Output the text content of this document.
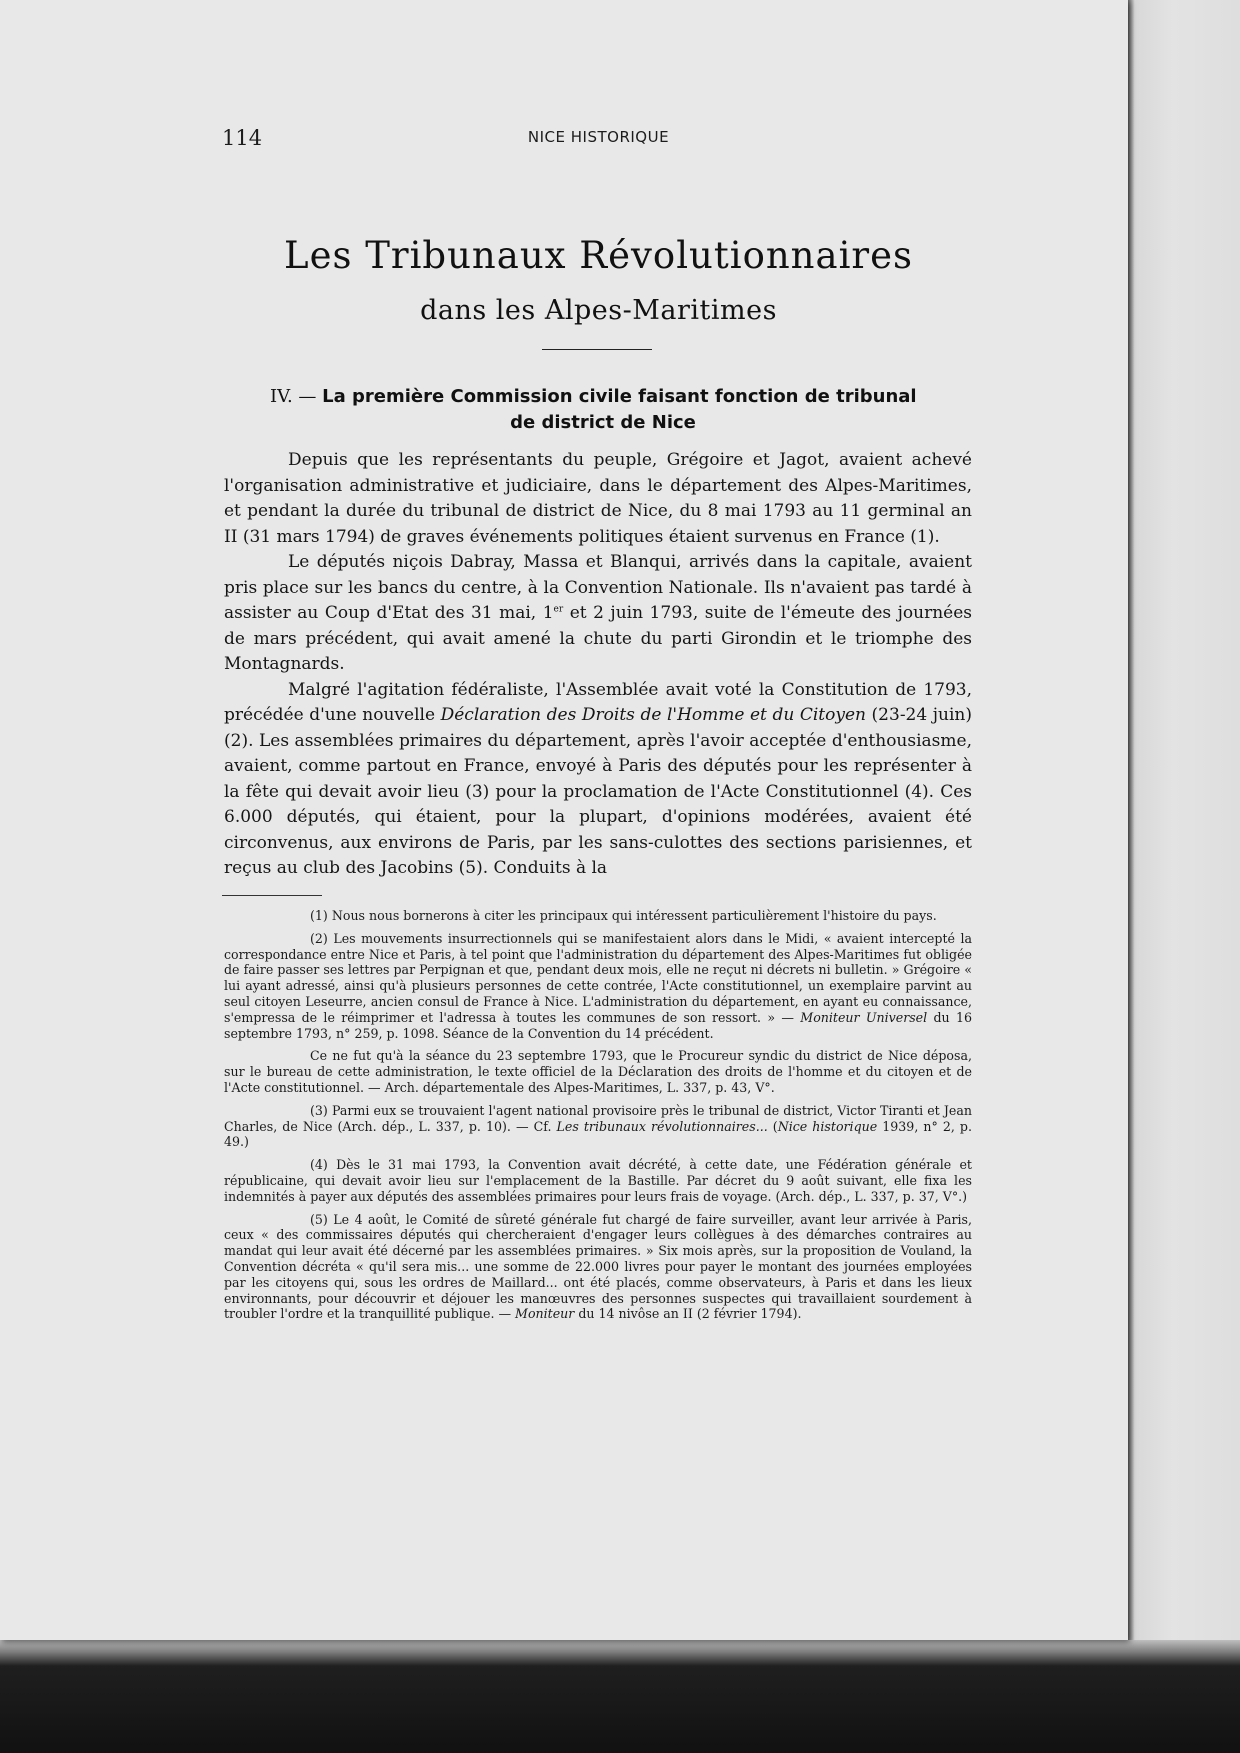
114	NICE HISTORIQUE
Les Tribunaux Révolutionnaires
dans les Alpes-Maritimes
IV. — La première Commission civile faisant fonction de tribunal
de district de Nice

Depuis que les représentants du peuple, Grégoire et Jagot, avaient achevé l'organisation administrative et judiciaire, dans le département des Alpes-Maritimes, et pendant la durée du tribunal de district de Nice, du 8 mai 1793 au 11 germinal an II (31 mars 1794) de graves événements politiques étaient survenus en France (1).

Le députés niçois Dabray, Massa et Blanqui, arrivés dans la capitale, avaient pris place sur les bancs du centre, à la Convention Nationale. Ils n'avaient pas tardé à assister au Coup d'Etat des 31 mai, 1er et 2 juin 1793, suite de l'émeute des journées de mars précédent, qui avait amené la chute du parti Girondin et le triomphe des Montagnards.

Malgré l'agitation fédéraliste, l'Assemblée avait voté la Constitution de 1793, précédée d'une nouvelle Déclaration des Droits de l'Homme et du Citoyen (23-24 juin) (2). Les assemblées primaires du département, après l'avoir acceptée d'enthousiasme, avaient, comme partout en France, envoyé à Paris des députés pour les représenter à la fête qui devait avoir lieu (3) pour la proclamation de l'Acte Constitutionnel (4). Ces 6.000 députés, qui étaient, pour la plupart, d'opinions modérées, avaient été circonvenus, aux environs de Paris, par les sans-culottes des sections parisiennes, et reçus au club des Jacobins (5). Conduits à la

(1) Nous nous bornerons à citer les principaux qui intéressent particulièrement l'histoire du pays.

(2) Les mouvements insurrectionnels qui se manifestaient alors dans le Midi, « avaient intercepté la correspondance entre Nice et Paris, à tel point que l'administration du département des Alpes-Maritimes fut obligée de faire passer ses lettres par Perpignan et que, pendant deux mois, elle ne reçut ni décrets ni bulletin. » Grégoire « lui ayant adressé, ainsi qu'à plusieurs personnes de cette contrée, l'Acte constitutionnel, un exemplaire parvint au seul citoyen Leseurre, ancien consul de France à Nice. L'administration du département, en ayant eu connaissance, s'empressa de le réimprimer et l'adressa à toutes les communes de son ressort. » — Moniteur Universel du 16 septembre 1793, n° 259, p. 1098. Séance de la Convention du 14 précédent.

Ce ne fut qu'à la séance du 23 septembre 1793, que le Procureur syndic du district de Nice déposa, sur le bureau de cette administration, le texte officiel de la Déclaration des droits de l'homme et du citoyen et de l'Acte constitutionnel. — Arch. départementale des Alpes-Maritimes, L. 337, p. 43, V°.

(3) Parmi eux se trouvaient l'agent national provisoire près le tribunal de district, Victor Tiranti et Jean Charles, de Nice (Arch. dép., L. 337, p. 10). — Cf. Les tribunaux révolutionnaires... (Nice historique 1939, n° 2, p. 49.)

(4) Dès le 31 mai 1793, la Convention avait décrété, à cette date, une Fédération générale et républicaine, qui devait avoir lieu sur l'emplacement de la Bastille. Par décret du 9 août suivant, elle fixa les indemnités à payer aux députés des assemblées primaires pour leurs frais de voyage. (Arch. dép., L. 337, p. 37, V°.)

(5) Le 4 août, le Comité de sûreté générale fut chargé de faire surveiller, avant leur arrivée à Paris, ceux « des commissaires députés qui chercheraient d'engager leurs collègues à des démarches contraires au mandat qui leur avait été décerné par les assemblées primaires. » Six mois après, sur la proposition de Vouland, la Convention décréta « qu'il sera mis... une somme de 22.000 livres pour payer le montant des journées employées par les citoyens qui, sous les ordres de Maillard... ont été placés, comme observateurs, à Paris et dans les lieux environnants, pour découvrir et déjouer les manœuvres des personnes suspectes qui travaillaient sourdement à troubler l'ordre et la tranquillité publique. — Moniteur du 14 nivôse an II (2 février 1794).
